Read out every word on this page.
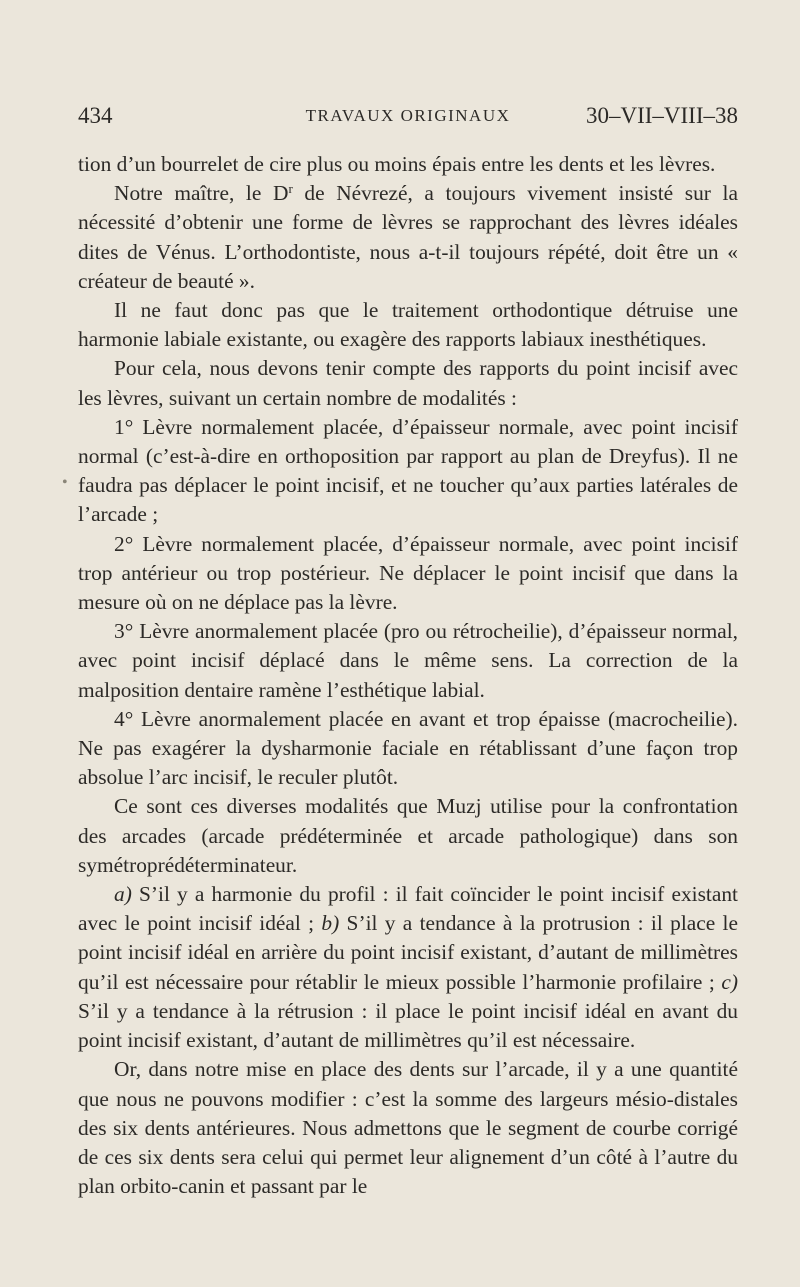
434	TRAVAUX ORIGINAUX	30–VII–VIII–38
•

tion d’un bourrelet de cire plus ou moins épais entre les dents et les lèvres.

Notre maître, le $D^r$ de Névrezé, a toujours vivement insisté sur la nécessité d’obtenir une forme de lèvres se rapprochant des lèvres idéales dites de Vénus. L’orthodontiste, nous a-t-il toujours répété, doit être un « créateur de beauté ».

Il ne faut donc pas que le traitement orthodontique détruise une harmonie labiale existante, ou exagère des rapports labiaux inesthétiques.

Pour cela, nous devons tenir compte des rapports du point incisif avec les lèvres, suivant un certain nombre de modalités :

1° Lèvre normalement placée, d’épaisseur normale, avec point incisif normal (c’est-à-dire en orthoposition par rapport au plan de Dreyfus). Il ne faudra pas déplacer le point incisif, et ne toucher qu’aux parties latérales de l’arcade ;

2° Lèvre normalement placée, d’épaisseur normale, avec point incisif trop antérieur ou trop postérieur. Ne déplacer le point incisif que dans la mesure où on ne déplace pas la lèvre.

3° Lèvre anormalement placée (pro ou rétrocheilie), d’épaisseur normal, avec point incisif déplacé dans le même sens. La correction de la malposition dentaire ramène l’esthétique labial.

4° Lèvre anormalement placée en avant et trop épaisse (macrocheilie). Ne pas exagérer la dysharmonie faciale en rétablissant d’une façon trop absolue l’arc incisif, le reculer plutôt.

Ce sont ces diverses modalités que Muzj utilise pour la confrontation des arcades (arcade prédéterminée et arcade pathologique) dans son symétroprédéterminateur.

a) S’il y a harmonie du profil : il fait coïncider le point incisif existant avec le point incisif idéal ; b) S’il y a tendance à la protrusion : il place le point incisif idéal en arrière du point incisif existant, d’autant de millimètres qu’il est nécessaire pour rétablir le mieux possible l’harmonie profilaire ; c) S’il y a tendance à la rétrusion : il place le point incisif idéal en avant du point incisif existant, d’autant de millimètres qu’il est nécessaire.

Or, dans notre mise en place des dents sur l’arcade, il y a une quantité que nous ne pouvons modifier : c’est la somme des largeurs mésio-distales des six dents antérieures. Nous admettons que le segment de courbe corrigé de ces six dents sera celui qui permet leur alignement d’un côté à l’autre du plan orbito-canin et passant par le
